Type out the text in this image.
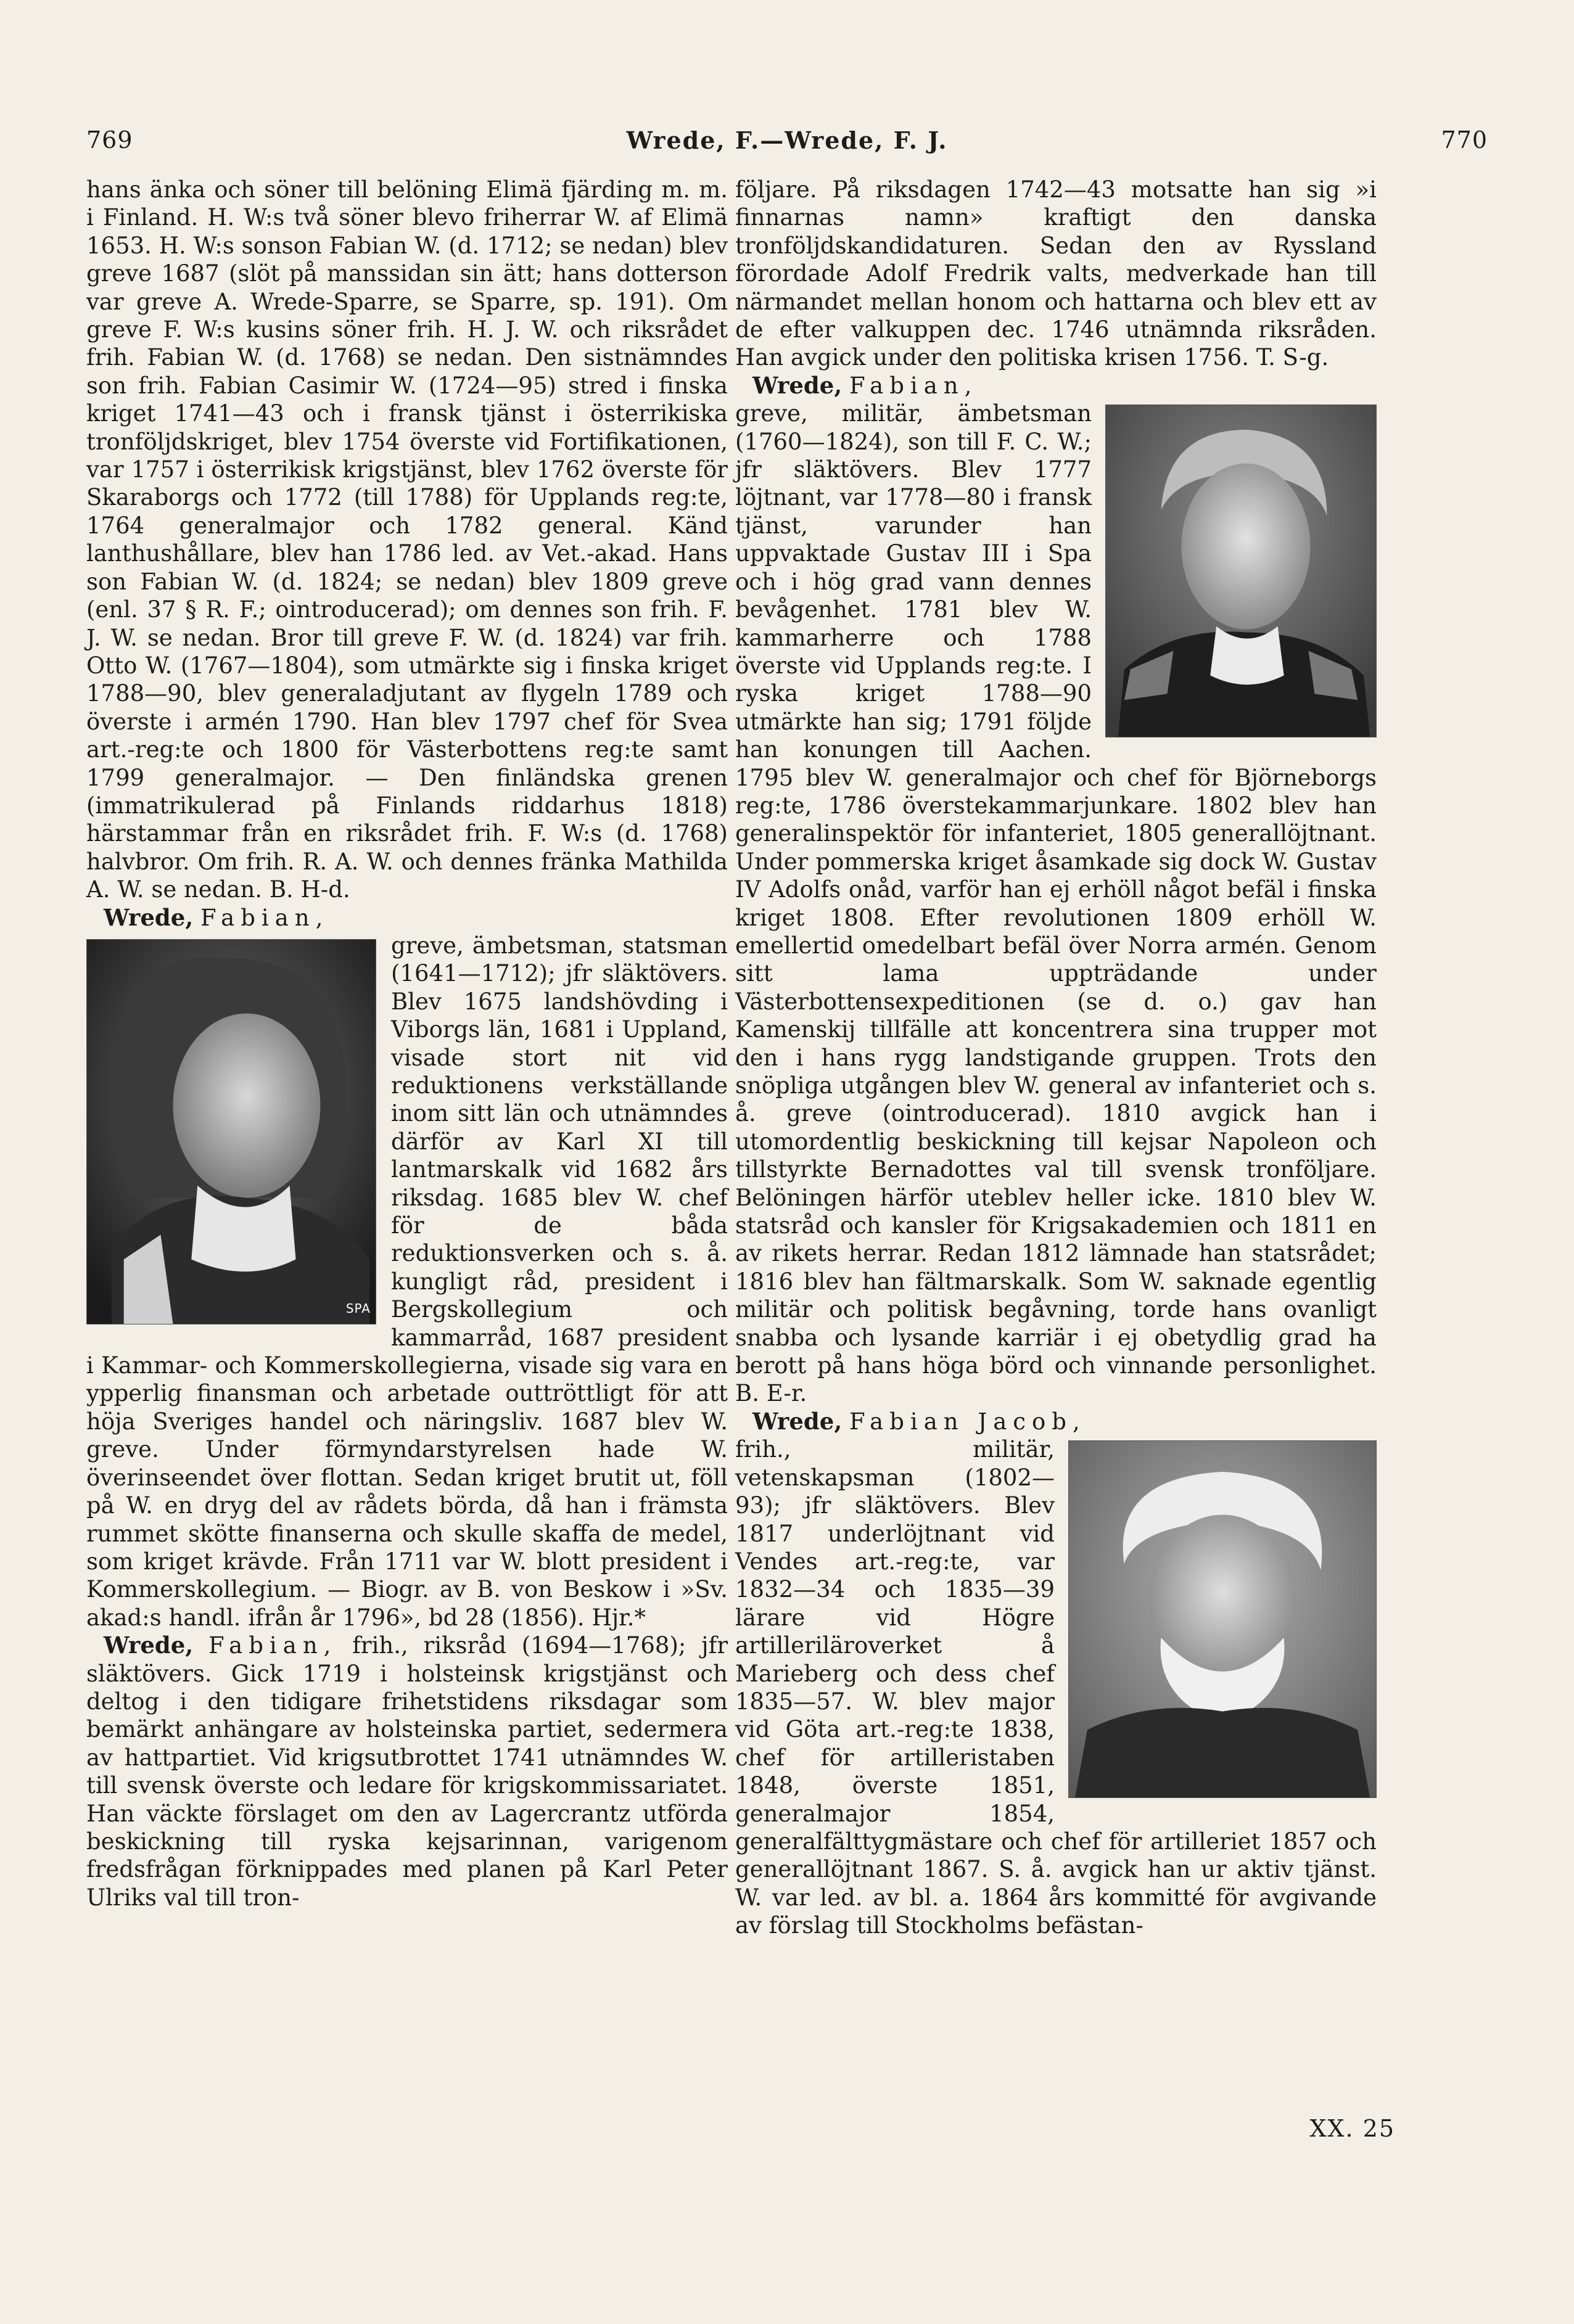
769	Wrede, F.—Wrede, F. J.	770

hans änka och söner till belöning Elimä fjärding m. m. i Finland. H. W:s två söner blevo friherrar W. af Elimä 1653. H. W:s sonson Fabian W. (d. 1712; se nedan) blev greve 1687 (slöt på manssidan sin ätt; hans dotterson var greve A. Wrede-Sparre, se Sparre, sp. 191). Om greve F. W:s kusins söner frih. H. J. W. och riksrådet frih. Fabian W. (d. 1768) se nedan. Den sistnämndes son frih. Fabian Casimir W. (1724—95) stred i finska kriget 1741—43 och i fransk tjänst i österrikiska tronföljdskriget, blev 1754 överste vid Fortifikationen, var 1757 i österrikisk krigstjänst, blev 1762 överste för Skaraborgs och 1772 (till 1788) för Upplands reg:te, 1764 generalmajor och 1782 general. Känd lanthushållare, blev han 1786 led. av Vet.-akad. Hans son Fabian W. (d. 1824; se nedan) blev 1809 greve (enl. 37 § R. F.; ointroducerad); om dennes son frih. F. J. W. se nedan. Bror till greve F. W. (d. 1824) var frih. Otto W. (1767—1804), som utmärkte sig i finska kriget 1788—90, blev generaladjutant av flygeln 1789 och överste i armén 1790. Han blev 1797 chef för Svea art.-reg:te och 1800 för Västerbottens reg:te samt 1799 generalmajor. — Den finländska grenen (immatrikulerad på Finlands riddarhus 1818) härstammar från en riksrådet frih. F. W:s (d. 1768) halvbror. Om frih. R. A. W. och dennes fränka Mathilda A. W. se nedan. B. H-d.

Wrede, Fabian,

SPA

greve, ämbetsman, statsman (1641—1712); jfr släktövers. Blev 1675 landshövding i Viborgs län, 1681 i Uppland, visade stort nit vid reduktionens verkställande inom sitt län och utnämndes därför av Karl XI till lantmarskalk vid 1682 års riksdag. 1685 blev W. chef för de båda reduktionsverken och s. å. kungligt råd, president i Bergskollegium och kammarråd, 1687 president i Kammar- och Kommerskollegierna, visade sig vara en ypperlig finansman och arbetade outtröttligt för att höja Sveriges handel och näringsliv. 1687 blev W. greve. Under förmyndarstyrelsen hade W. överinseendet över flottan. Sedan kriget brutit ut, föll på W. en dryg del av rådets börda, då han i främsta rummet skötte finanserna och skulle skaffa de medel, som kriget krävde. Från 1711 var W. blott president i Kommerskollegium. — Biogr. av B. von Beskow i »Sv. akad:s handl. ifrån år 1796», bd 28 (1856). Hjr.*

Wrede, Fabian, frih., riksråd (1694—1768); jfr släktövers. Gick 1719 i holsteinsk krigstjänst och deltog i den tidigare frihetstidens riksdagar som bemärkt anhängare av holsteinska partiet, sedermera av hattpartiet. Vid krigsutbrottet 1741 utnämndes W. till svensk överste och ledare för krigskommissariatet. Han väckte förslaget om den av Lagercrantz utförda beskickning till ryska kejsarinnan, varigenom fredsfrågan förknippades med planen på Karl Peter Ulriks val till tron-

följare. På riksdagen 1742—43 motsatte han sig »i finnarnas namn» kraftigt den danska tronföljdskandidaturen. Sedan den av Ryssland förordade Adolf Fredrik valts, medverkade han till närmandet mellan honom och hattarna och blev ett av de efter valkuppen dec. 1746 utnämnda riksråden. Han avgick under den politiska krisen 1756. T. S-g.

Wrede, Fabian,

greve, militär, ämbetsman (1760—1824), son till F. C. W.; jfr släktövers. Blev 1777 löjtnant, var 1778—80 i fransk tjänst, varunder han uppvaktade Gustav III i Spa och i hög grad vann dennes bevågenhet. 1781 blev W. kammarherre och 1788 överste vid Upplands reg:te. I ryska kriget 1788—90 utmärkte han sig; 1791 följde han konungen till Aachen. 1795 blev W. generalmajor och chef för Björneborgs reg:te, 1786 överstekammarjunkare. 1802 blev han generalinspektör för infanteriet, 1805 generallöjtnant. Under pommerska kriget åsamkade sig dock W. Gustav IV Adolfs onåd, varför han ej erhöll något befäl i finska kriget 1808. Efter revolutionen 1809 erhöll W. emellertid omedelbart befäl över Norra armén. Genom sitt lama uppträdande under Västerbottensexpeditionen (se d. o.) gav han Kamenskij tillfälle att koncentrera sina trupper mot den i hans rygg landstigande gruppen. Trots den snöpliga utgången blev W. general av infanteriet och s. å. greve (ointroducerad). 1810 avgick han i utomordentlig beskickning till kejsar Napoleon och tillstyrkte Bernadottes val till svensk tronföljare. Belöningen härför uteblev heller icke. 1810 blev W. statsråd och kansler för Krigsakademien och 1811 en av rikets herrar. Redan 1812 lämnade han statsrådet; 1816 blev han fältmarskalk. Som W. saknade egentlig militär och politisk begåvning, torde hans ovanligt snabba och lysande karriär i ej obetydlig grad ha berott på hans höga börd och vinnande personlighet. B. E-r.

Wrede, Fabian Jacob,

frih., militär, vetenskapsman (1802—93); jfr släktövers. Blev 1817 underlöjtnant vid Vendes art.-reg:te, var 1832—34 och 1835—39 lärare vid Högre artilleriläroverket å Marieberg och dess chef 1835—57. W. blev major vid Göta art.-reg:te 1838, chef för artilleristaben 1848, överste 1851, generalmajor 1854, generalfälttygmästare och chef för artilleriet 1857 och generallöjtnant 1867. S. å. avgick han ur aktiv tjänst. W. var led. av bl. a. 1864 års kommitté för avgivande av förslag till Stockholms befästan-

XX. 25
